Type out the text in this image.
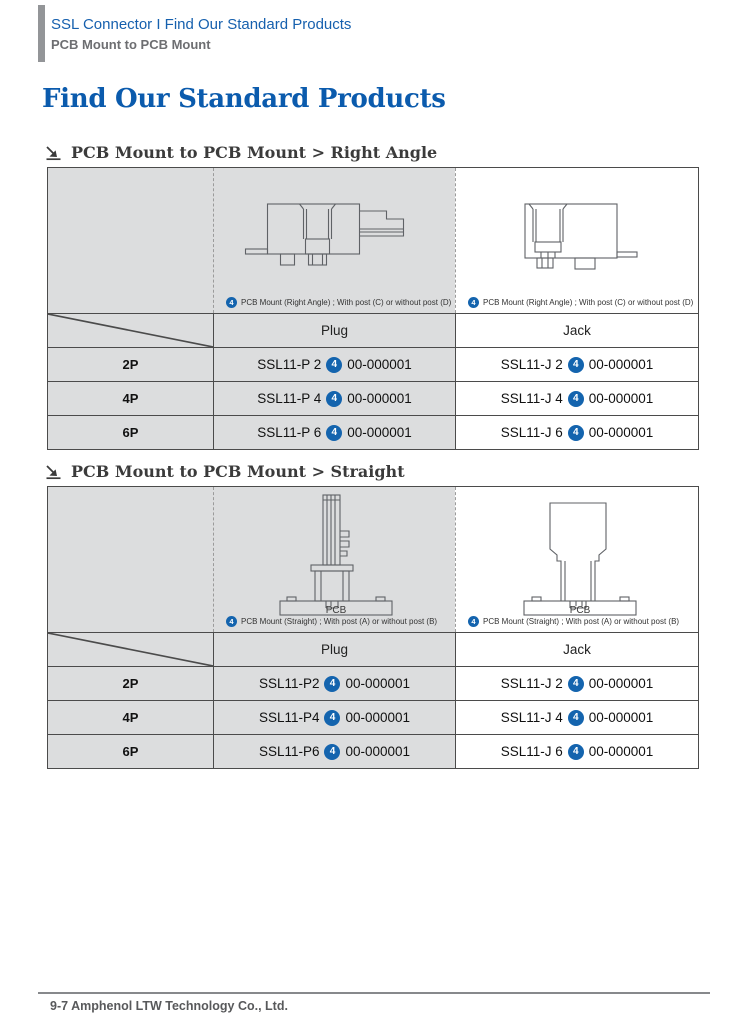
SSL Connector I Find Our Standard Products
PCB Mount to PCB Mount
Find Our Standard Products
PCB Mount to PCB Mount > Right Angle
4 PCB Mount (Right Angle) ; With post (C) or without post (D)	4 PCB Mount (Right Angle) ; With post (C) or without post (D)
Plug	Jack
2P	SSL11-P 2	4 00-000001	SSL11-J 2	4 00-000001
4P	SSL11-P 4	4 00-000001	SSL11-J 4	4 00-000001
6P	SSL11-P 6	4 00-000001	SSL11-J 6	4 00-000001
PCB Mount to PCB Mount > Straight
PCB
4 PCB Mount (Straight) ; With post (A) or without post (B)
PCB
4 PCB Mount (Straight) ; With post (A) or without post (B)
Plug	Jack
2P	SSL11-P2	4 00-000001	SSL11-J 2	4 00-000001
4P	SSL11-P4	4 00-000001	SSL11-J 4	4 00-000001
6P	SSL11-P6	4 00-000001	SSL11-J 6	4 00-000001
9-7 Amphenol LTW Technology Co., Ltd.
